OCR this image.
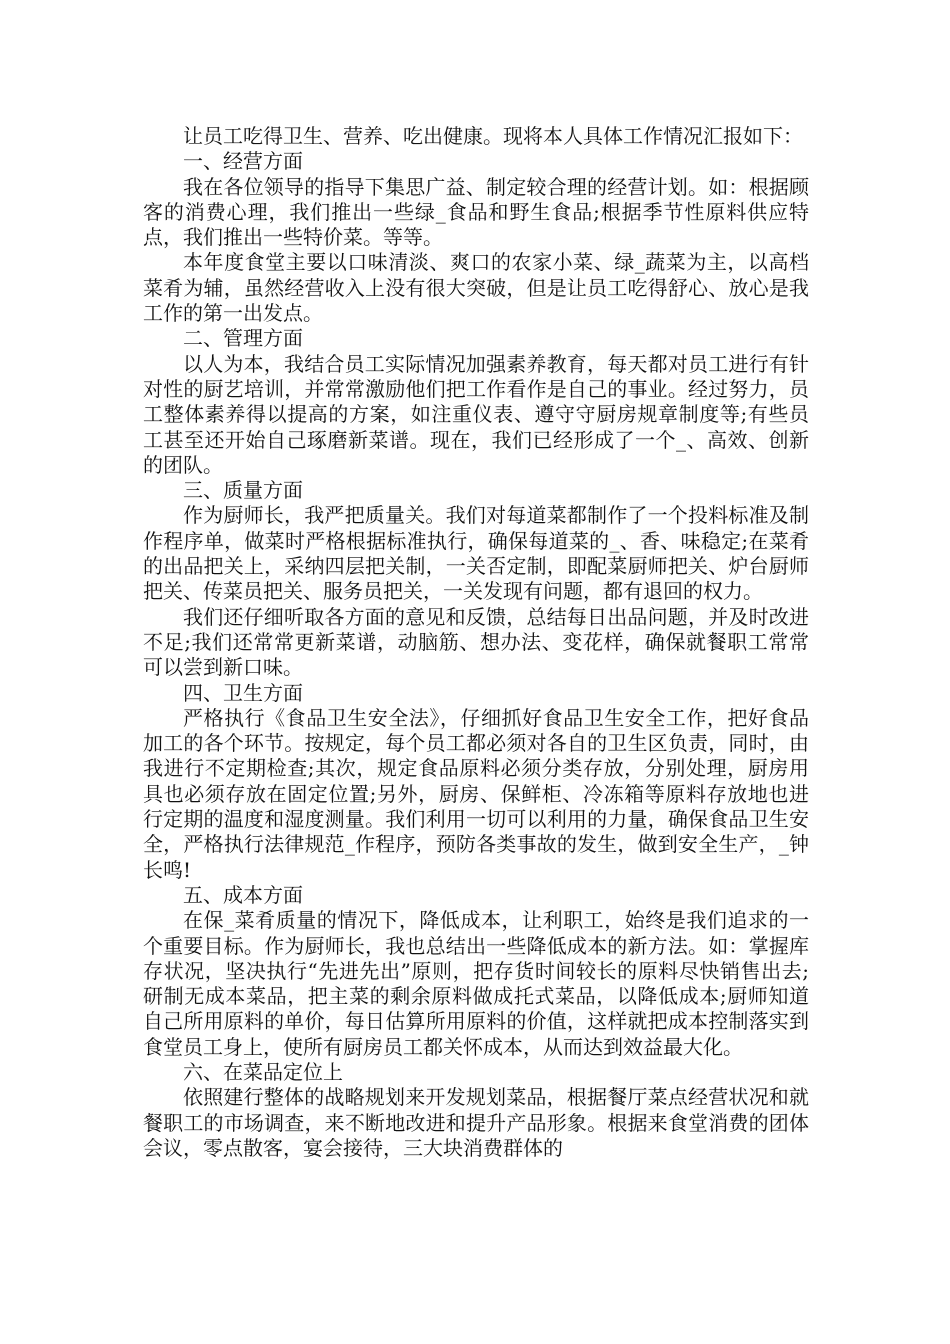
让员工吃得卫生、营养、吃出健康。现将本人具体工作情况汇报如下：

一、经营方面

我在各位领导的指导下集思广益、制定较合理的经营计划。如：根据顾客的消费心理，我们推出一些绿_食品和野生食品;根据季节性原料供应特点，我们推出一些特价菜。等等。

本年度食堂主要以口味清淡、爽口的农家小菜、绿_蔬菜为主，以高档菜肴为辅，虽然经营收入上没有很大突破，但是让员工吃得舒心、放心是我工作的第一出发点。

二、管理方面

以人为本，我结合员工实际情况加强素养教育，每天都对员工进行有针对性的厨艺培训，并常常激励他们把工作看作是自己的事业。经过努力，员工整体素养得以提高的方案，如注重仪表、遵守守厨房规章制度等;有些员工甚至还开始自己琢磨新菜谱。现在，我们已经形成了一个_、高效、创新的团队。

三、质量方面

作为厨师长，我严把质量关。我们对每道菜都制作了一个投料标准及制作程序单，做菜时严格根据标准执行，确保每道菜的_、香、味稳定;在菜肴的出品把关上，采纳四层把关制，一关否定制，即配菜厨师把关、炉台厨师把关、传菜员把关、服务员把关，一关发现有问题，都有退回的权力。

我们还仔细听取各方面的意见和反馈，总结每日出品问题，并及时改进不足;我们还常常更新菜谱，动脑筋、想办法、变花样，确保就餐职工常常可以尝到新口味。

四、卫生方面

严格执行《食品卫生安全法》，仔细抓好食品卫生安全工作，把好食品加工的各个环节。按规定，每个员工都必须对各自的卫生区负责，同时，由我进行不定期检查;其次，规定食品原料必须分类存放，分别处理，厨房用具也必须存放在固定位置;另外，厨房、保鲜柜、冷冻箱等原料存放地也进行定期的温度和湿度测量。我们利用一切可以利用的力量，确保食品卫生安全，严格执行法律规范_作程序，预防各类事故的发生，做到安全生产，_钟长鸣!

五、成本方面

在保_菜肴质量的情况下，降低成本，让利职工，始终是我们追求的一个重要目标。作为厨师长，我也总结出一些降低成本的新方法。如：掌握库存状况，坚决执行“先进先出”原则，把存货时间较长的原料尽快销售出去;研制无成本菜品，把主菜的剩余原料做成托式菜品，以降低成本;厨师知道自己所用原料的单价，每日估算所用原料的价值，这样就把成本控制落实到食堂员工身上，使所有厨房员工都关怀成本，从而达到效益最大化。

六、在菜品定位上

依照建行整体的战略规划来开发规划菜品，根据餐厅菜点经营状况和就餐职工的市场调查，来不断地改进和提升产品形象。根据来食堂消费的团体会议，零点散客，宴会接待，三大块消费群体的
